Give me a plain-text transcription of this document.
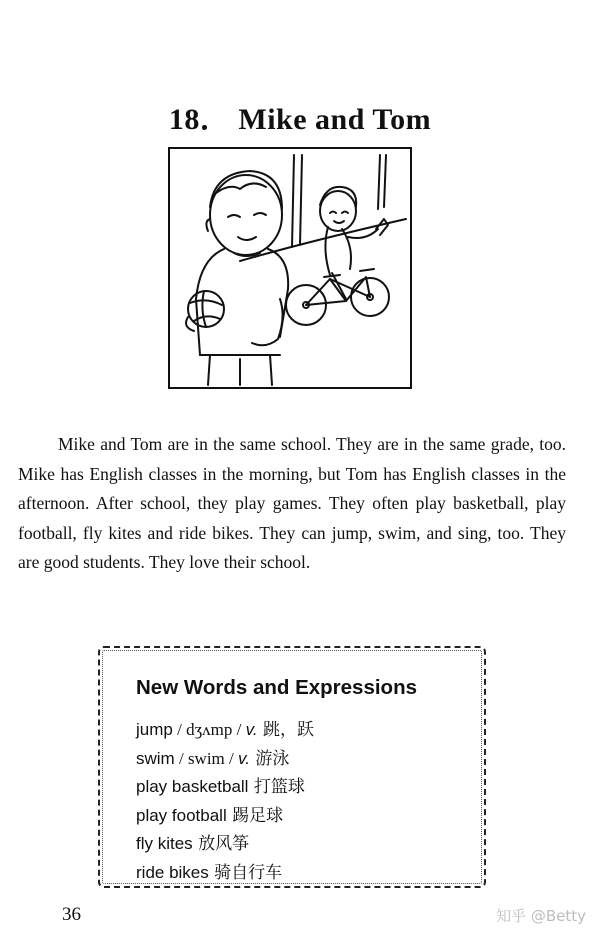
18． Mike and Tom

Mike and Tom are in the same school. They are in the same grade, too. Mike has English classes in the morning, but Tom has English classes in the afternoon. After school, they play games. They often play basketball, play football, fly kites and ride bikes. They can jump, swim, and sing, too. They are good students. They love their school.

New Words and Expressions
jump / dʒʌmp / v. 跳，跃
swim / swim / v. 游泳
play basketball 打篮球
play football 踢足球
fly kites 放风筝
ride bikes 骑自行车
36	知乎 @Betty
